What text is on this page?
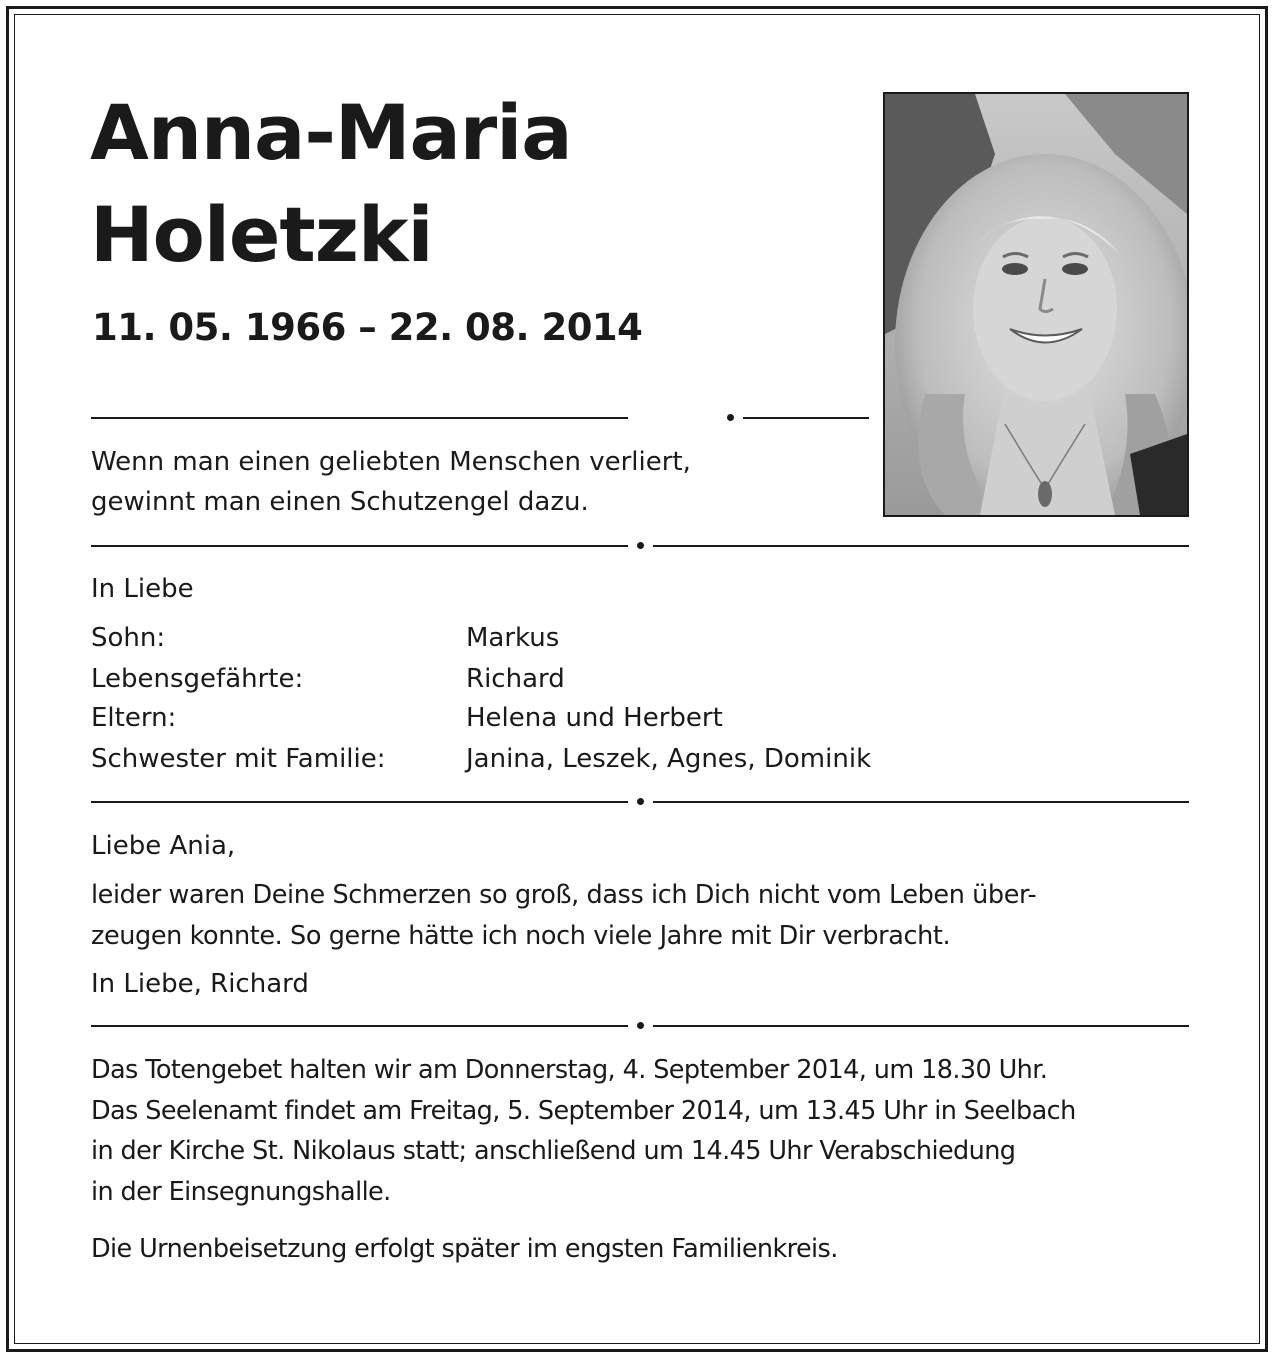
Anna-Maria
Holetzki
11. 05. 1966 – 22. 08. 2014
Wenn man einen geliebten Menschen verliert,
gewinnt man einen Schutzengel dazu.
In Liebe
Sohn:	Markus
Lebensgefährte:	Richard
Eltern:	Helena und Herbert
Schwester mit Familie:	Janina, Leszek, Agnes, Dominik
Liebe Ania,
leider waren Deine Schmerzen so groß, dass ich Dich nicht vom Leben über-
zeugen konnte. So gerne hätte ich noch viele Jahre mit Dir verbracht.
In Liebe, Richard
Das Totengebet halten wir am Donnerstag, 4. September 2014, um 18.30 Uhr.
Das Seelenamt findet am Freitag, 5. September 2014, um 13.45 Uhr in Seelbach
in der Kirche St. Nikolaus statt; anschließend um 14.45 Uhr Verabschiedung
in der Einsegnungshalle.
Die Urnenbeisetzung erfolgt später im engsten Familienkreis.
